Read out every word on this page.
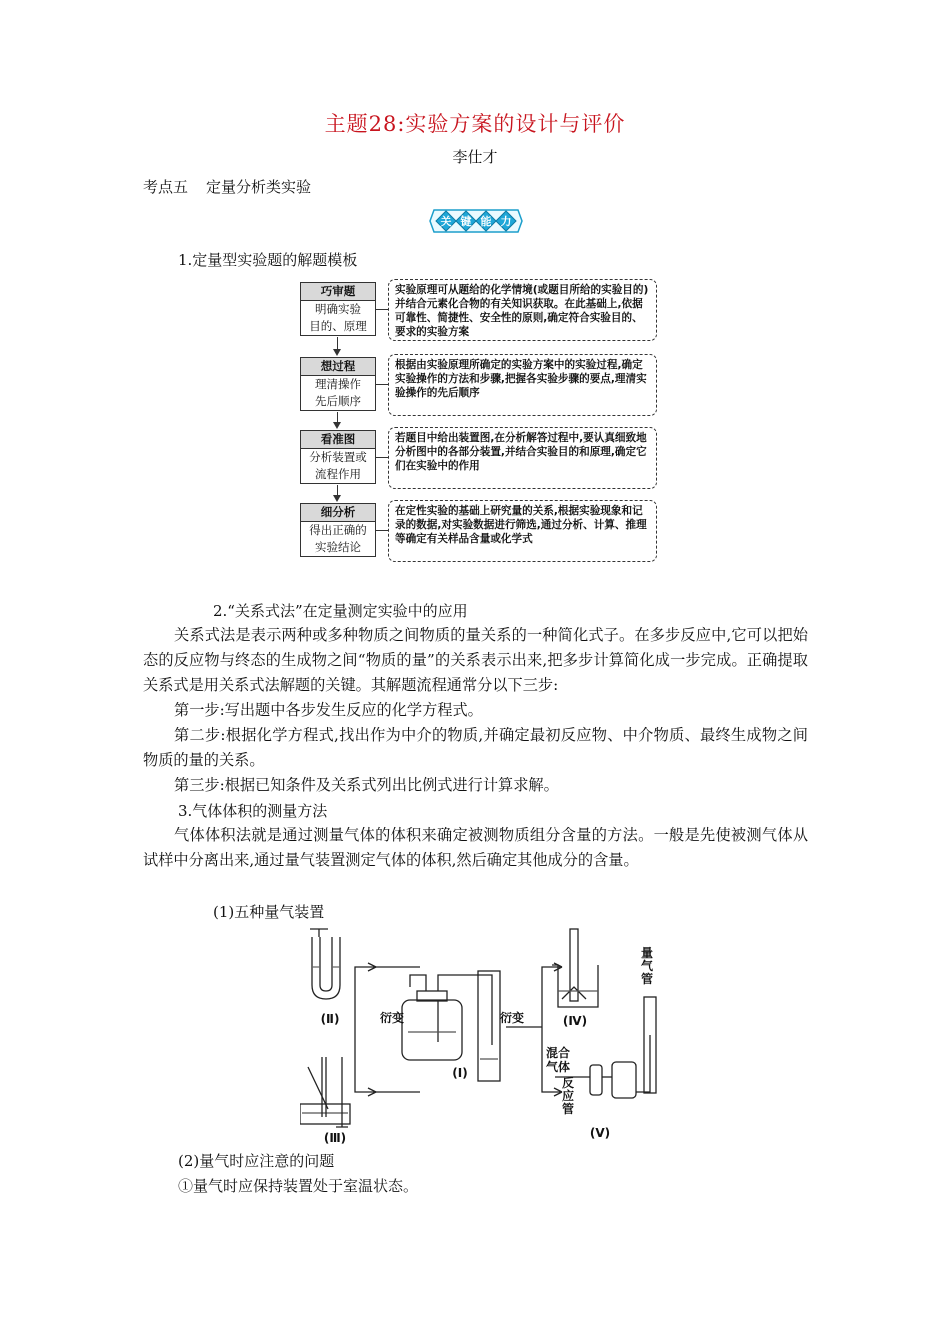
主题28:实验方案的设计与评价
李仕才
考点五 定量分析类实验
关 键 能 力
1.定量型实验题的解题模板
巧审题
明确实验
目的、原理
实验原理可从题给的化学情境(或题目所给的实验目的)并结合元素化合物的有关知识获取。在此基础上,依据可靠性、简捷性、安全性的原则,确定符合实验目的、要求的实验方案
想过程
理清操作
先后顺序
根据由实验原理所确定的实验方案中的实验过程,确定实验操作的方法和步骤,把握各实验步骤的要点,理清实验操作的先后顺序
看准图
分析装置或
流程作用
若题目中给出装置图,在分析解答过程中,要认真细致地分析图中的各部分装置,并结合实验目的和原理,确定它们在实验中的作用
细分析
得出正确的
实验结论
在定性实验的基础上研究量的关系,根据实验现象和记录的数据,对实验数据进行筛选,通过分析、计算、推理等确定有关样品含量或化学式
2.“关系式法”在定量测定实验中的应用

关系式法是表示两种或多种物质之间物质的量关系的一种简化式子。在多步反应中,它可以把始态的反应物与终态的生成物之间“物质的量”的关系表示出来,把多步计算简化成一步完成。正确提取关系式是用关系式法解题的关键。其解题流程通常分以下三步:

第一步:写出题中各步发生反应的化学方程式。

第二步:根据化学方程式,找出作为中介的物质,并确定最初反应物、中介物质、最终生成物之间物质的量的关系。

第三步:根据已知条件及关系式列出比例式进行计算求解。

3.气体体积的测量方法

气体体积法就是通过测量气体的体积来确定被测物质组分含量的方法。一般是先使被测气体从试样中分离出来,通过量气装置测定气体的体积,然后确定其他成分的含量。

(1)五种量气装置
(Ⅱ)
(Ⅲ)
(Ⅰ)
(Ⅳ)
(Ⅴ)
衍变	衍变
混合
气体
反
应
管
量
气
管
(2)量气时应注意的问题
①量气时应保持装置处于室温状态。
